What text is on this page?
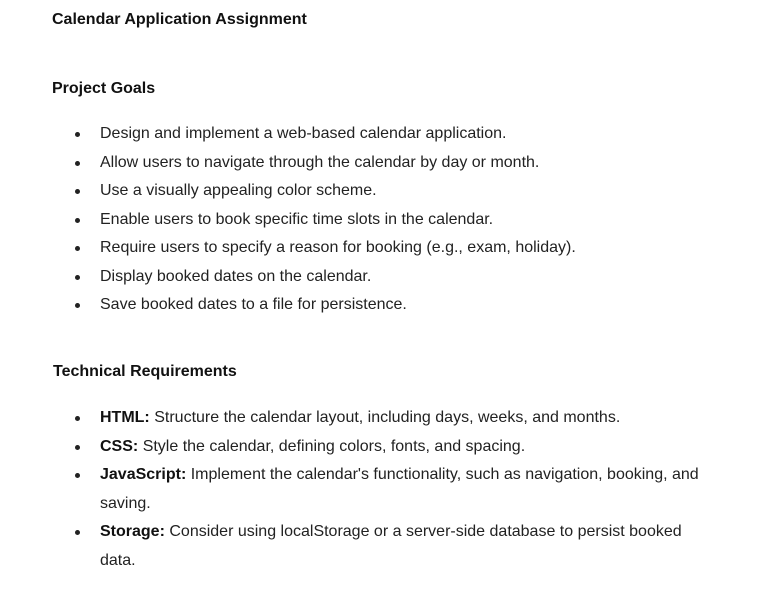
Calendar Application Assignment
Project Goals
Design and implement a web-based calendar application.
Allow users to navigate through the calendar by day or month.
Use a visually appealing color scheme.
Enable users to book specific time slots in the calendar.
Require users to specify a reason for booking (e.g., exam, holiday).
Display booked dates on the calendar.
Save booked dates to a file for persistence.
Technical Requirements
HTML: Structure the calendar layout, including days, weeks, and months.
CSS: Style the calendar, defining colors, fonts, and spacing.
JavaScript: Implement the calendar's functionality, such as navigation, booking, and saving.
Storage: Consider using localStorage or a server-side database to persist booked data.
